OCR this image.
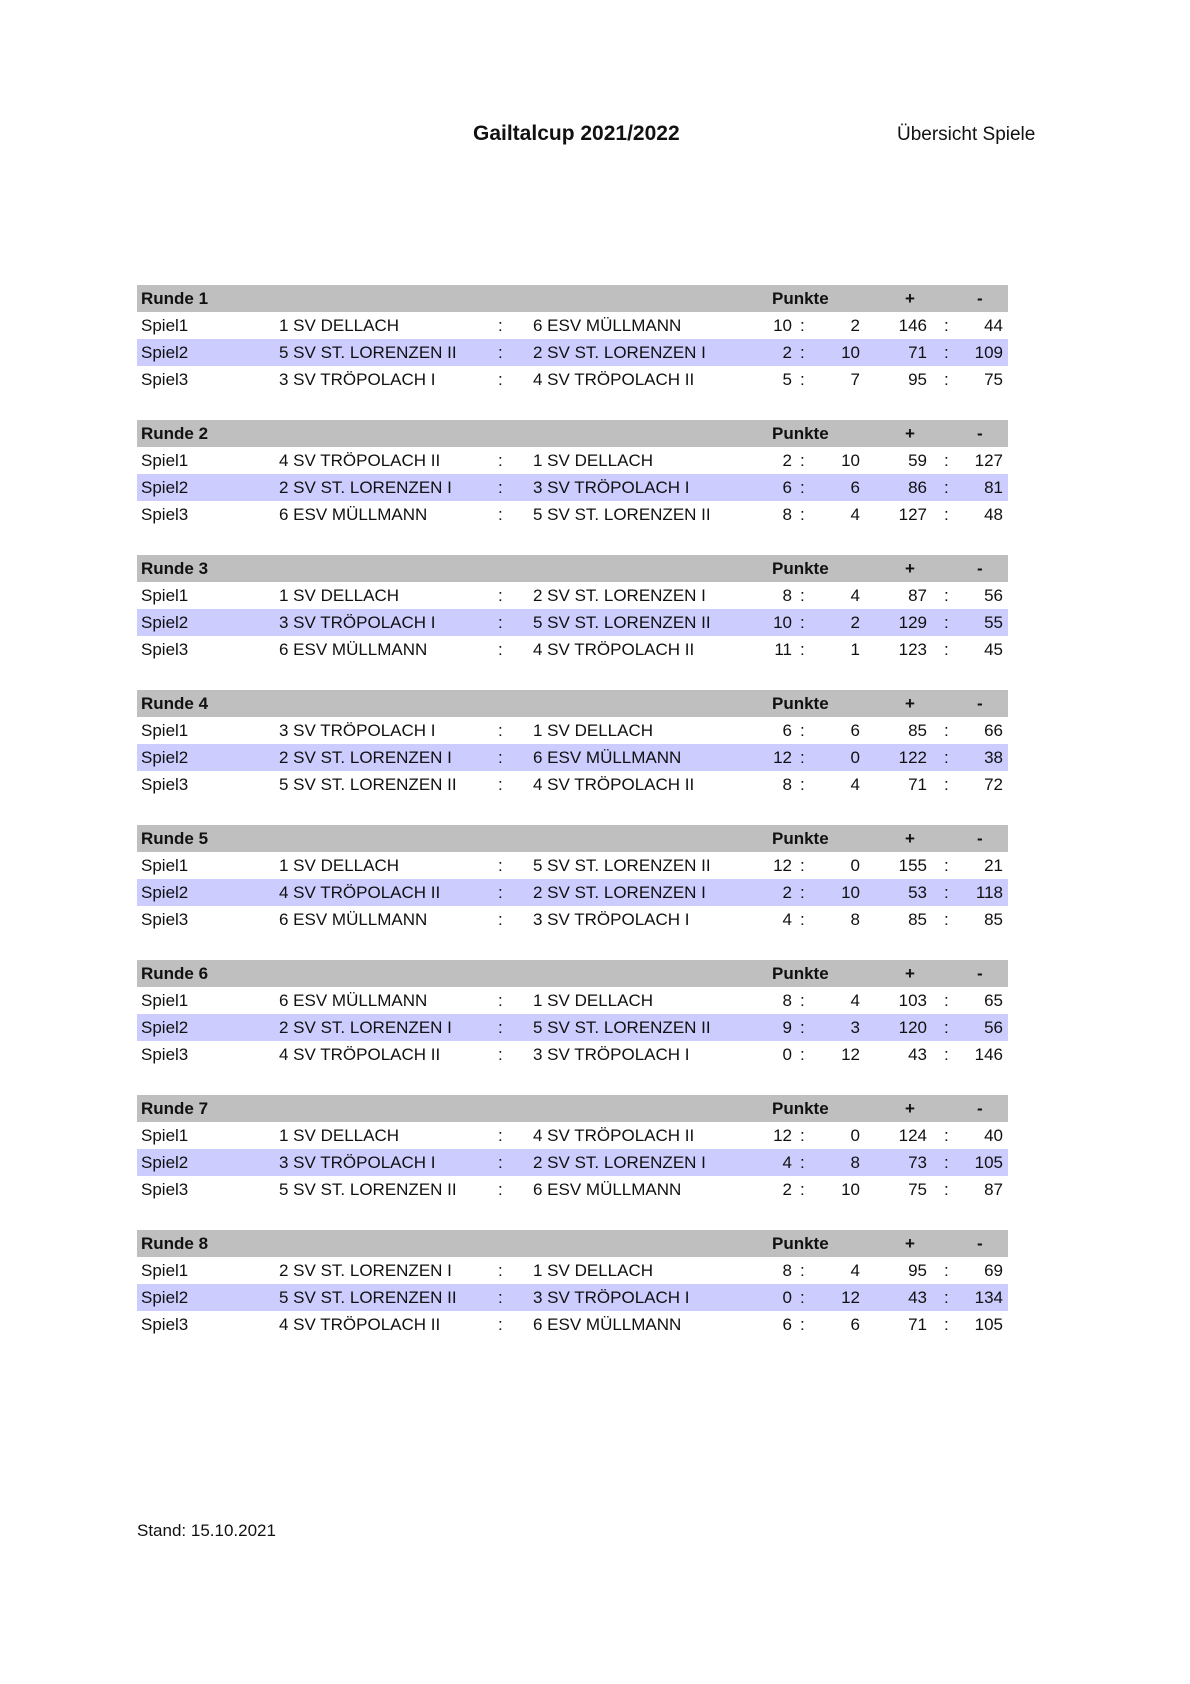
Gailtalcup 2021/2022	Übersicht Spiele
Runde 1	Punkte	+	-
Spiel1	1 SV DELLACH	: 6 ESV MÜLLMANN	10 :	2	146 :	44
Spiel2	5 SV ST. LORENZEN II : 2 SV ST. LORENZEN I	2 :	10	71 :	109
Spiel3	3 SV TRÖPOLACH I	: 4 SV TRÖPOLACH II	5 :	7	95 :	75
Runde 2	Punkte	+	-
Spiel1	4 SV TRÖPOLACH II	: 1 SV DELLACH	2 :	10	59 :	127
Spiel2	2 SV ST. LORENZEN I	: 3 SV TRÖPOLACH I	6 :	6	86 :	81
Spiel3	6 ESV MÜLLMANN	: 5 SV ST. LORENZEN II	8 :	4	127 :	48
Runde 3	Punkte	+	-
Spiel1	1 SV DELLACH	: 2 SV ST. LORENZEN I	8 :	4	87 :	56
Spiel2	3 SV TRÖPOLACH I	: 5 SV ST. LORENZEN II	10 :	2	129 :	55
Spiel3	6 ESV MÜLLMANN	: 4 SV TRÖPOLACH II	11 :	1	123 :	45
Runde 4	Punkte	+	-
Spiel1	3 SV TRÖPOLACH I	: 1 SV DELLACH	6 :	6	85 :	66
Spiel2	2 SV ST. LORENZEN I	: 6 ESV MÜLLMANN	12 :	0	122 :	38
Spiel3	5 SV ST. LORENZEN II : 4 SV TRÖPOLACH II	8 :	4	71 :	72
Runde 5	Punkte	+	-
Spiel1	1 SV DELLACH	: 5 SV ST. LORENZEN II	12 :	0	155 :	21
Spiel2	4 SV TRÖPOLACH II	: 2 SV ST. LORENZEN I	2 :	10	53 :	118
Spiel3	6 ESV MÜLLMANN	: 3 SV TRÖPOLACH I	4 :	8	85 :	85
Runde 6	Punkte	+	-
Spiel1	6 ESV MÜLLMANN	: 1 SV DELLACH	8 :	4	103 :	65
Spiel2	2 SV ST. LORENZEN I	: 5 SV ST. LORENZEN II	9 :	3	120 :	56
Spiel3	4 SV TRÖPOLACH II	: 3 SV TRÖPOLACH I	0 :	12	43 :	146
Runde 7	Punkte	+	-
Spiel1	1 SV DELLACH	: 4 SV TRÖPOLACH II	12 :	0	124 :	40
Spiel2	3 SV TRÖPOLACH I	: 2 SV ST. LORENZEN I	4 :	8	73 :	105
Spiel3	5 SV ST. LORENZEN II : 6 ESV MÜLLMANN	2 :	10	75 :	87
Runde 8	Punkte	+	-
Spiel1	2 SV ST. LORENZEN I	: 1 SV DELLACH	8 :	4	95 :	69
Spiel2	5 SV ST. LORENZEN II : 3 SV TRÖPOLACH I	0 :	12	43 :	134
Spiel3	4 SV TRÖPOLACH II	: 6 ESV MÜLLMANN	6 :	6	71 :	105
Stand: 15.10.2021
